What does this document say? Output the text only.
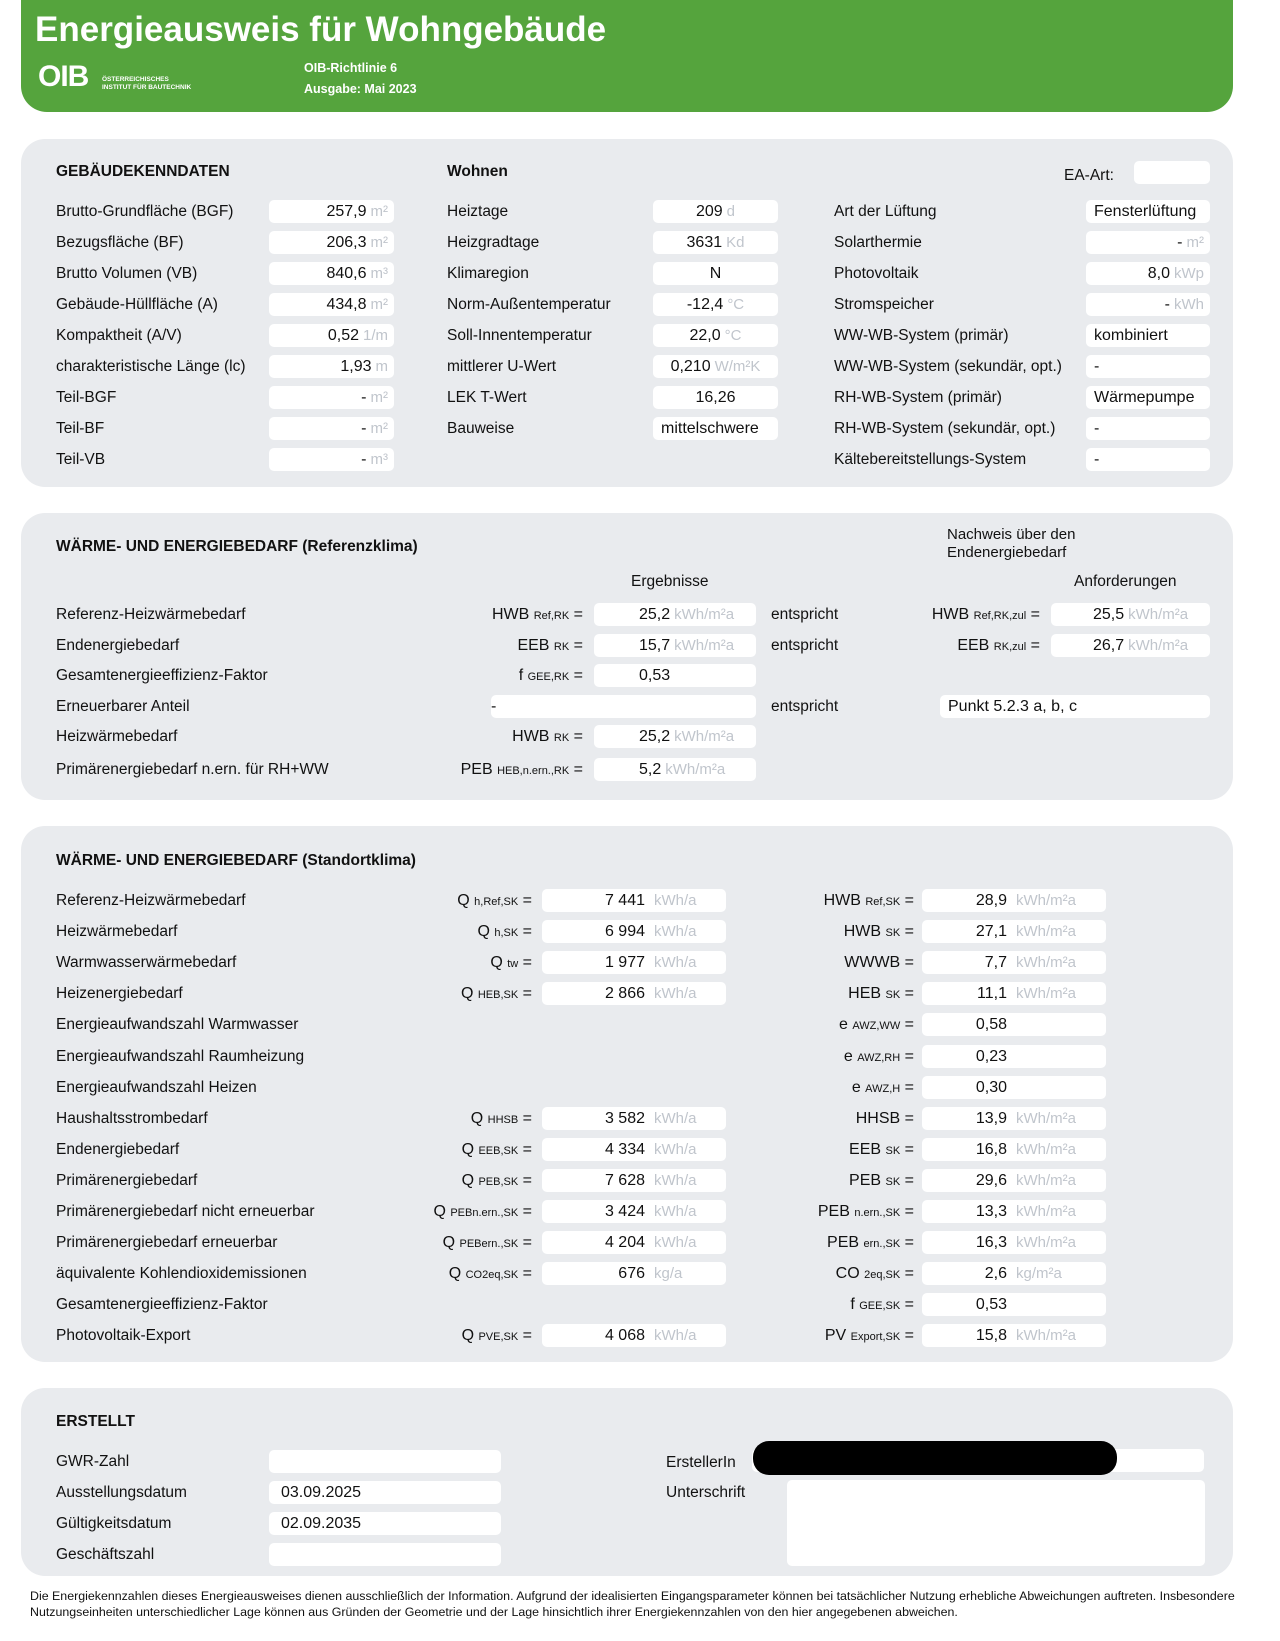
Energieausweis für Wohngebäude
OIB ÖSTERREICHISCHES
INSTITUT FÜR BAUTECHNIK
OIB-Richtlinie 6
Ausgabe: Mai 2023
GEBÄUDEKENNDATEN	Wohnen	EA-Art:
Brutto-Grundfläche (BGF)	257,9 m²
Bezugsfläche (BF)	206,3 m²
Brutto Volumen (VB)	840,6 m³
Gebäude-Hüllfläche (A)	434,8 m²
Kompaktheit (A/V)	0,52 1/m
charakteristische Länge (lc)	1,93 m
Teil-BGF	- m²
Teil-BF	- m²
Teil-VB	- m³
Heiztage	209 d
Heizgradtage	3631 Kd
Klimaregion	N
Norm-Außentemperatur	-12,4 °C
Soll-Innentemperatur	22,0 °C
mittlerer U-Wert	0,210 W/m²K
LEK T-Wert	16,26
Bauweise	mittelschwere
Art der Lüftung	Fensterlüftung
Solarthermie	- m²
Photovoltaik	8,0 kWp
Stromspeicher	- kWh
WW-WB-System (primär)	kombiniert
WW-WB-System (sekundär, opt.)	-
RH-WB-System (primär)	Wärmepumpe
RH-WB-System (sekundär, opt.)	-
Kältebereitstellungs-System	-
WÄRME- UND ENERGIEBEDARF (Referenzklima)
Nachweis über den
Endenergiebedarf
Ergebnisse	Anforderungen
Referenz-Heizwärmebedarf	HWB Ref,RK =	25,2 kWh/m²a	entspricht	HWB Ref,RK,zul =	25,5 kWh/m²a
Endenergiebedarf	EEB RK =	15,7 kWh/m²a	entspricht	EEB RK,zul =	26,7 kWh/m²a
Gesamtenergieeffizienz-Faktor	f GEE,RK =	0,53
Erneuerbarer Anteil	-	entspricht	Punkt 5.2.3 a, b, c
Heizwärmebedarf	HWB RK =	25,2 kWh/m²a
Primärenergiebedarf n.ern. für RH+WW	PEB HEB,n.ern.,RK =	5,2 kWh/m²a
WÄRME- UND ENERGIEBEDARF (Standortklima)
Referenz-Heizwärmebedarf	Q h,Ref,SK =	7 441 kWh/a	HWB Ref,SK =	28,9 kWh/m²a
Heizwärmebedarf	Q h,SK =	6 994 kWh/a	HWB SK =	27,1 kWh/m²a
Warmwasserwärmebedarf	Q tw =	1 977 kWh/a	WWWB =	7,7 kWh/m²a
Heizenergiebedarf	Q HEB,SK =	2 866 kWh/a	HEB SK =	11,1 kWh/m²a
Energieaufwandszahl Warmwasser	e AWZ,WW =	0,58
Energieaufwandszahl Raumheizung	e AWZ,RH =	0,23
Energieaufwandszahl Heizen	e AWZ,H =	0,30
Haushaltsstrombedarf	Q HHSB =	3 582 kWh/a	HHSB =	13,9 kWh/m²a
Endenergiebedarf	Q EEB,SK =	4 334 kWh/a	EEB SK =	16,8 kWh/m²a
Primärenergiebedarf	Q PEB,SK =	7 628 kWh/a	PEB SK =	29,6 kWh/m²a
Primärenergiebedarf nicht erneuerbar	Q PEBn.ern.,SK =	3 424 kWh/a	PEB n.ern.,SK =	13,3 kWh/m²a
Primärenergiebedarf erneuerbar	Q PEBern.,SK =	4 204 kWh/a	PEB ern.,SK =	16,3 kWh/m²a
äquivalente Kohlendioxidemissionen	Q CO2eq,SK =	676 kg/a	CO 2eq,SK =	2,6 kg/m²a
Gesamtenergieeffizienz-Faktor	f GEE,SK =	0,53
Photovoltaik-Export	Q PVE,SK =	4 068 kWh/a	PV Export,SK =	15,8 kWh/m²a
ERSTELLT
GWR-Zahl
Ausstellungsdatum	03.09.2025
Gültigkeitsdatum	02.09.2035
Geschäftszahl
ErstellerIn
Unterschrift
Die Energiekennzahlen dieses Energieausweises dienen ausschließlich der Information. Aufgrund der idealisierten Eingangsparameter können bei tatsächlicher Nutzung erhebliche Abweichungen auftreten. Insbesondere Nutzungseinheiten unterschiedlicher Lage können aus Gründen der Geometrie und der Lage hinsichtlich ihrer Energiekennzahlen von den hier angegebenen abweichen.
